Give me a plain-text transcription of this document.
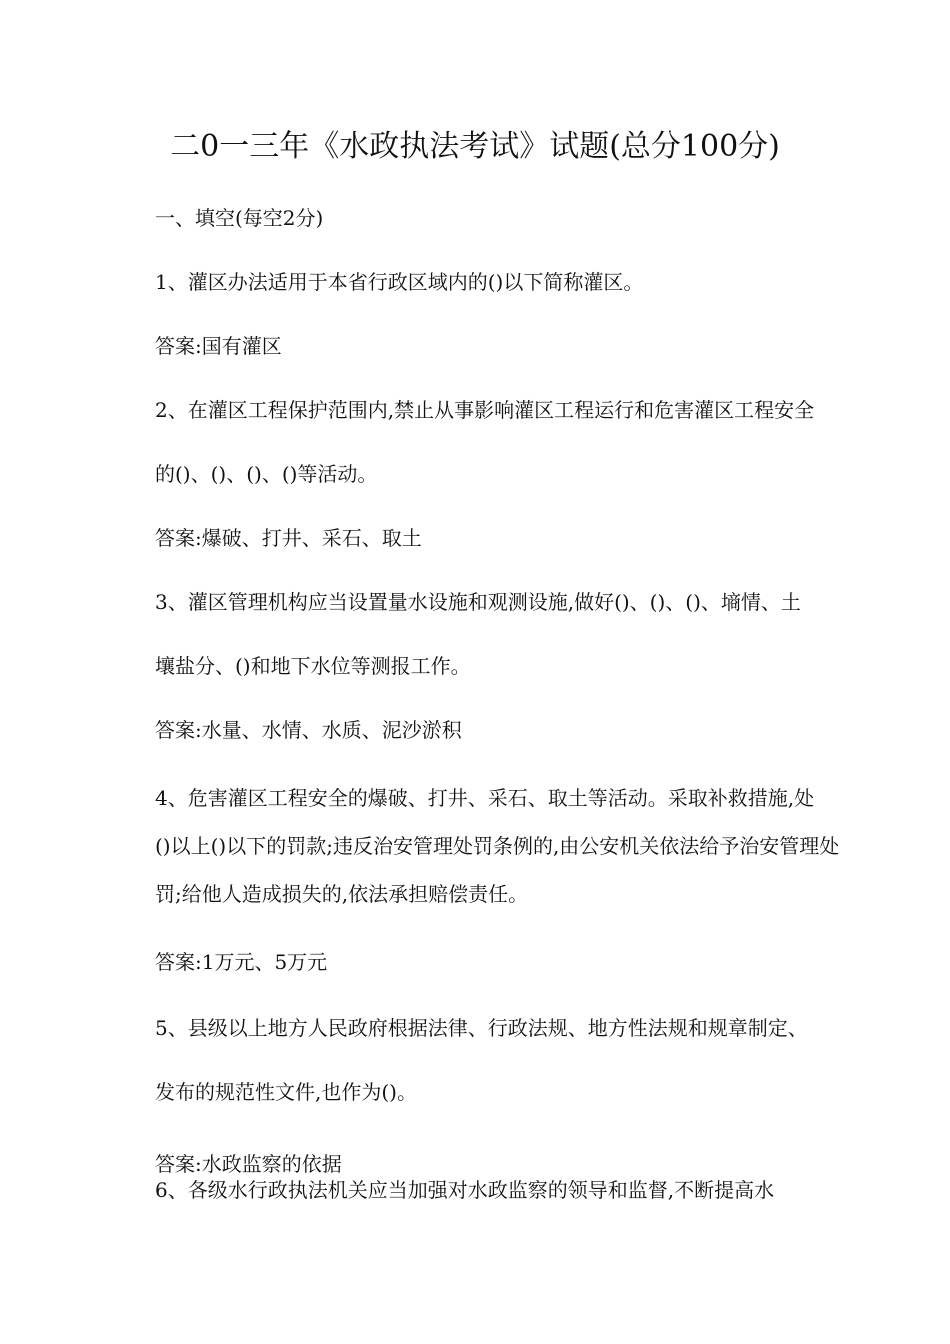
二0一三年《水政执法考试》试题(总分100分)
一、填空(每空2分)
1、灌区办法适用于本省行政区域内的()以下简称灌区。
答案:国有灌区
2、在灌区工程保护范围内,禁止从事影响灌区工程运行和危害灌区工程安全
的()、()、()、()等活动。
答案:爆破、打井、采石、取土
3、灌区管理机构应当设置量水设施和观测设施,做好()、()、()、墒情、土
壤盐分、()和地下水位等测报工作。
答案:水量、水情、水质、泥沙淤积
4、危害灌区工程安全的爆破、打井、采石、取土等活动。采取补救措施,处
()以上()以下的罚款;违反治安管理处罚条例的,由公安机关依法给予治安管理处
罚;给他人造成损失的,依法承担赔偿责任。
答案:1万元、5万元
5、县级以上地方人民政府根据法律、行政法规、地方性法规和规章制定、
发布的规范性文件,也作为()。
答案:水政监察的依据
6、各级水行政执法机关应当加强对水政监察的领导和监督,不断提高水
